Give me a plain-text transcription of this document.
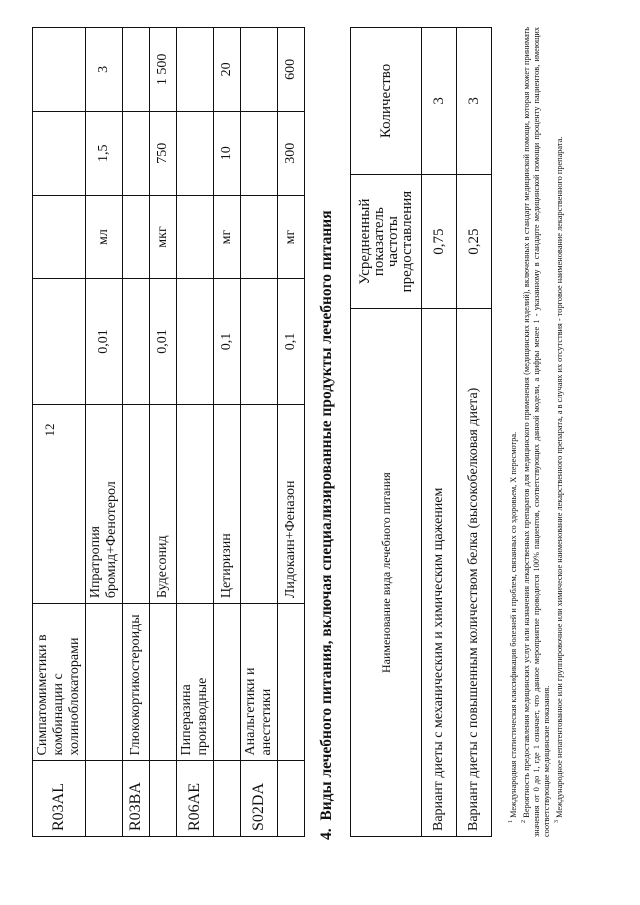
12
R03AL	Симпатомиметики в комбинации с холиноблокаторами					
		Ипратропия бромид+Фенотерол	0,01	мл	1,5	3
R03BA	Глюкокортикостероиды					
		Будесонид	0,01	мкг	750	1 500
R06AE	Пиперазина производные					
		Цетиризин	0,1	мг	10	20
S02DA	Анальгетики и анестетики					
		Лидокаин+Феназон	0,1	мг	300	600
4.  Виды лечебного питания, включая специализированные продукты лечебного питания	Наименование вида лечебного питания	Усредненный показатель частоты предоставления	Количество
Вариант диеты с механическим и химическим щажением	0,75	3
Вариант диеты с повышенным количеством белка (высокобелковая диета)	0,25	3

$^1$ Международная статистическая классификация болезней и проблем, связанных со здоровьем, X пересмотра.

$^2$ Вероятность предоставления медицинских услуг или назначения лекарственных препаратов для медицинского применения (медицинских изделий), включенных в стандарт медицинской помощи, которая может принимать значения от 0 до 1, где 1 означает, что данное мероприятие проводится 100% пациентов, соответствующих данной модели, а цифры менее 1 - указанному в стандарте медицинской помощи проценту пациентов, имеющих соответствующие медицинские показания. $^3$ Международное непатентованное или группировочное или химическое наименование лекарственного препарата, а в случаях их отсутствия - торговое наименование лекарственного препарата.
